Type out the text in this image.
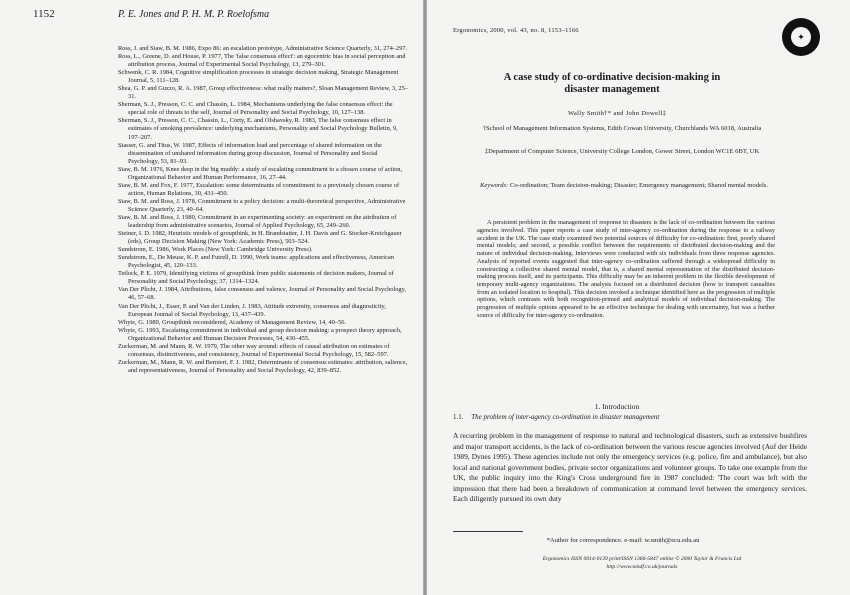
1152	P. E. Jones and P. H. M. P. Roelofsma

Ross, J. and Staw, B. M. 1986, Expo 86: an escalation prototype, Administrative Science Quarterly, 31, 274–297.

Ross, L., Greene, D. and House, P. 1977, The 'false consensus effect': an egocentric bias in social perception and attribution process, Journal of Experimental Social Psychology, 13, 279–301.

Schwenk, C. R. 1984, Cognitive simplification processes in strategic decision making, Strategic Management Journal, 5, 111–128.

Shea, G. P. and Guzzo, R. A. 1987, Group effectiveness: what really matters?, Sloan Management Review, 3, 25–31.

Sherman, S. J., Presson, C. C. and Chassin, L. 1984, Mechanisms underlying the false consensus effect: the special role of threats to the self, Journal of Personality and Social Psychology, 10, 127–138.

Sherman, S. J., Presson, C. C., Chassin, L., Corty, E. and Olshavsky, R. 1983, The false consensus effect in estimates of smoking prevalence: underlying mechanisms, Personality and Social Psychology Bulletin, 9, 197–207.

Stasser, G. and Titus, W. 1987, Effects of information load and percentage of shared information on the dissemination of unshared information during group discussion, Journal of Personality and Social Psychology, 53, 81–93.

Staw, B. M. 1976, Knee deep in the big muddy: a study of escalating commitment to a chosen course of action, Organizational Behavior and Human Performance, 16, 27–44.

Staw, B. M. and Fox, F. 1977, Escalation: some determinants of commitment to a previously chosen course of action, Human Relations, 30, 431–450.

Staw, B. M. and Ross, J. 1978, Commitment to a policy decision: a multi-theoretical perspective, Administrative Science Quarterly, 23, 40–64.

Staw, B. M. and Ross, J. 1980, Commitment in an experimenting society: an experiment on the attribution of leadership from administrative scenarios, Journal of Applied Psychology, 65, 249–260.

Steiner, I. D. 1982, Heuristic models of groupthink, in H. Brandstatter, J. H. Davis and G. Stocker-Kreichgauer (eds), Group Decision Making (New York: Academic Press), 503–524.

Sundstrom, E. 1986, Work Places (New York: Cambridge University Press).

Sundstrom, E., De Meuse, K. P. and Futrell, D. 1990, Work teams: applications and effectiveness, American Psychologist, 45, 120–133.

Tetlock, P. E. 1979, Identifying victims of groupthink from public statements of decision makers, Journal of Personality and Social Psychology, 37, 1314–1324.

Van Der Plicht, J. 1984, Attributions, false consensus and valence, Journal of Personality and Social Psychology, 46, 57–68.

Van Der Plicht, J., Esser, P. and Van der Linden, J. 1983, Attitude extremity, consensus and diagnosticity, European Journal of Social Psychology, 13, 437–439.

Whyte, G. 1989, Groupthink reconsidered, Academy of Management Review, 14, 40–56.

Whyte, G. 1993, Escalating commitment in individual and group decision making: a prospect theory approach, Organizational Behavior and Human Decision Processes, 54, 430–455.

Zuckerman, M. and Mann, R. W. 1979, The other way around: effects of causal attribution on estimates of consensus, distinctiveness, and consistency, Journal of Experimental Social Psychology, 15, 582–597.

Zuckerman, M., Mann, R. W. and Bernieri, F. J. 1982, Determinants of consensus estimates: attribution, salience, and representativeness, Journal of Personality and Social Psychology, 42, 839–852.

Ergonomics, 2000, vol. 43, no. 8, 1153–1166
✦
A case study of co-ordinative decision-making in disaster management
Wally Smith†* and John Dowell‡
†School of Management Information Systems, Edith Cowan University, Churchlands WA 6018, Australia
‡Department of Computer Science, University College London, Gower Street, London WC1E 6BT, UK
Keywords: Co-ordination; Team decision-making; Disaster; Emergency management; Shared mental models.

A persistent problem in the management of response to disasters is the lack of co-ordination between the various agencies involved. This paper reports a case study of inter-agency co-ordination during the response to a railway accident in the UK. The case study examined two potential sources of difficulty for co-ordination: first, poorly shared mental models; and second, a possible conflict between the requirements of distributed decision-making and the nature of individual decision-making. Interviews were conducted with six individuals from three response agencies. Analysis of reported events suggested that inter-agency co-ordination suffered through a widespread difficulty in constructing a collective shared mental model, that is, a shared mental representation of the distributed decision-making process itself, and its participants. This difficulty may be an inherent problem in the flexible development of temporary multi-agency organizations. The analysis focused on a distributed decision (how to transport casualties from an isolated location to hospital). This decision invoked a technique identified here as the progression of multiple options, which contrasts with both recognition-primed and analytical models of individual decision-making. The progression of multiple options appeared to be an effective technique for dealing with uncertainty, but was a further source of difficulty for inter-agency co-ordination.

1. Introduction
1.1. The problem of inter-agency co-ordination in disaster management

A recurring problem in the management of response to natural and technological disasters, such as extensive bushfires and major transport accidents, is the lack of co-ordination between the various rescue agencies involved (Auf der Heide 1989, Dynes 1995). These agencies include not only the emergency services (e.g. police, fire and ambulance), but also local and national government bodies, private sector organizations and volunteer groups. To take one example from the UK, the public inquiry into the King's Cross underground fire in 1987 concluded: 'The court was left with the impression that there had been a breakdown of communication at command level between the emergency services. Each diligently pursued its own duty

*Author for correspondence. e-mail: w.smith@ecu.edu.au
Ergonomics ISSN 0014-0139 print/ISSN 1366-5847 online © 2000 Taylor & Francis Ltd
http://www.tandf.co.uk/journals
